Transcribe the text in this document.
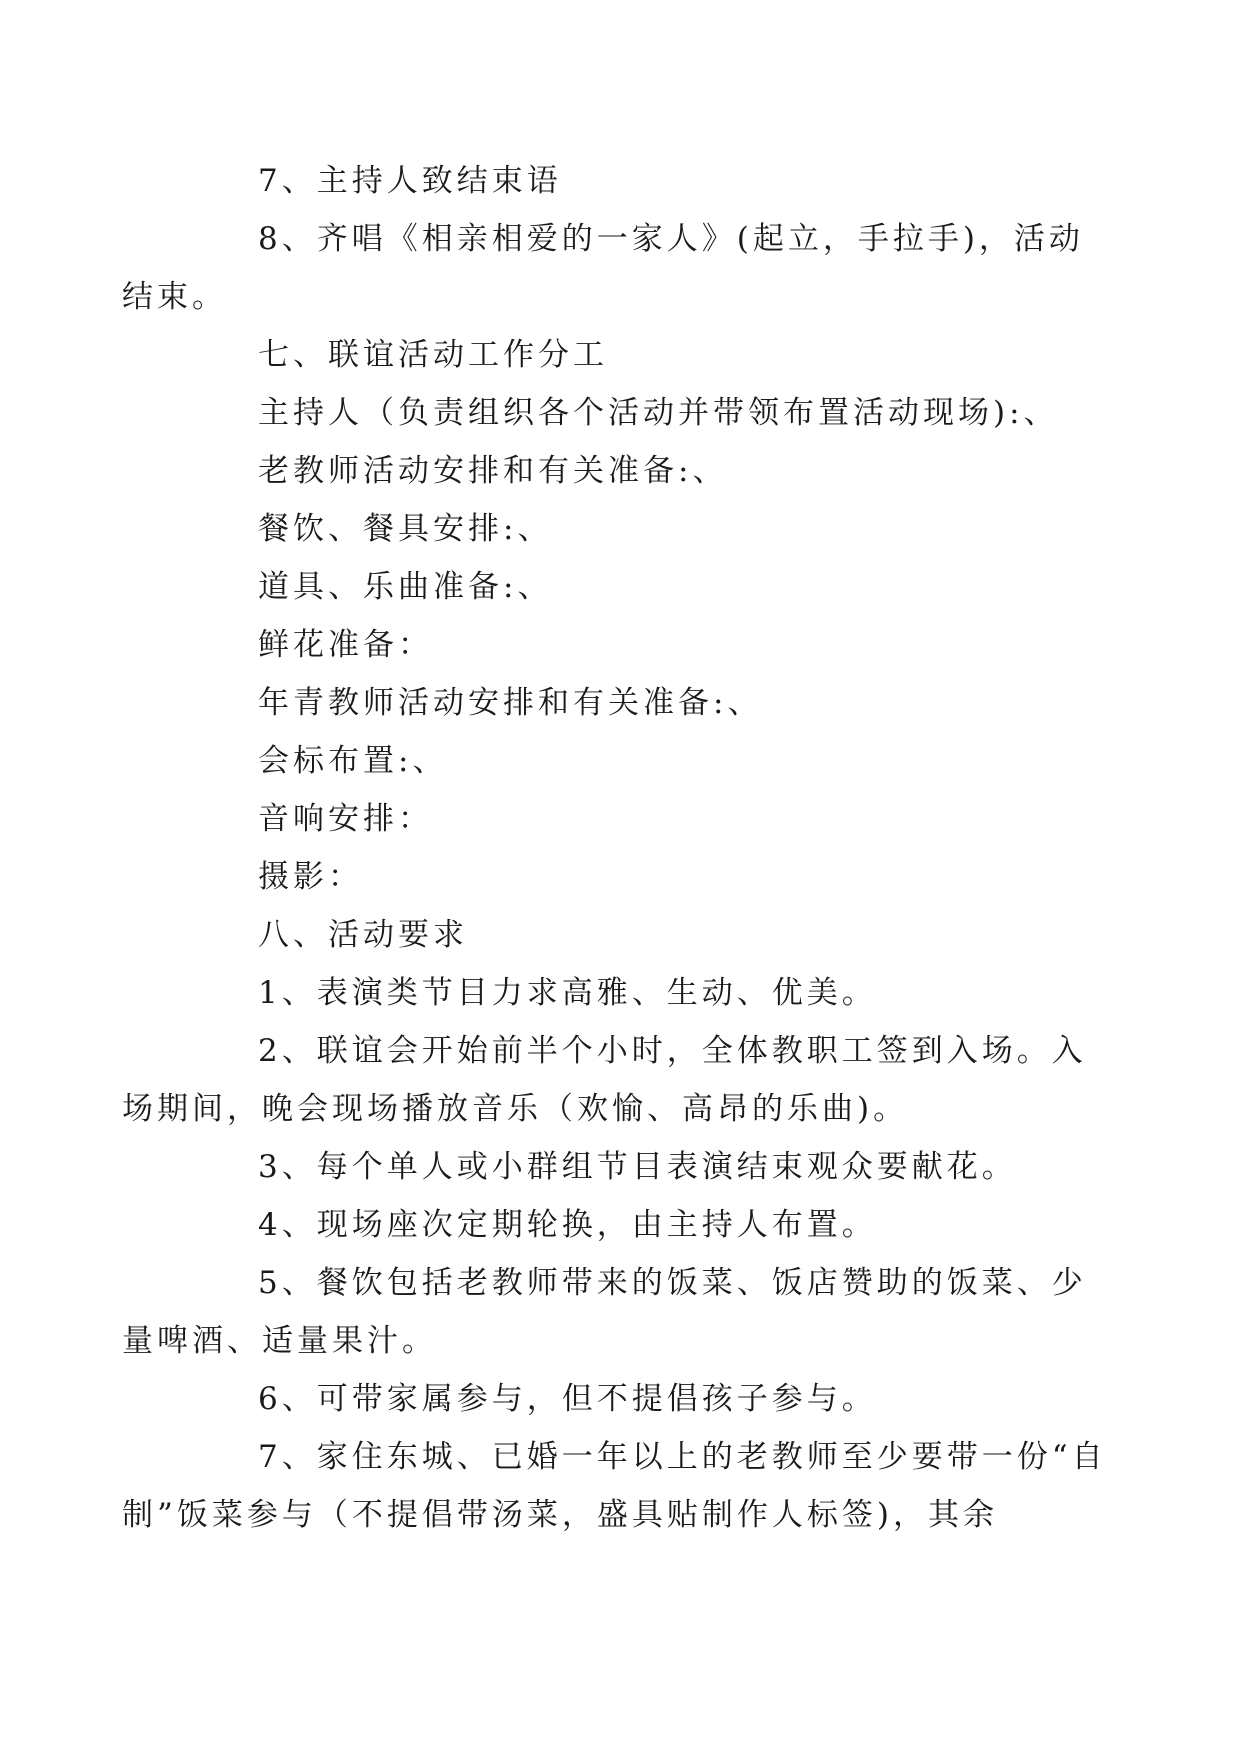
7、主持人致结束语

8、齐唱《相亲相爱的一家人》(起立，手拉手)，活动
结束。

七、联谊活动工作分工

主持人（负责组织各个活动并带领布置活动现场):、

老教师活动安排和有关准备:、

餐饮、餐具安排:、

道具、乐曲准备:、

鲜花准备：

年青教师活动安排和有关准备:、

会标布置:、

音响安排：

摄影：

八、活动要求

1、表演类节目力求高雅、生动、优美。

2、联谊会开始前半个小时，全体教职工签到入场。入
场期间，晚会现场播放音乐（欢愉、高昂的乐曲)。

3、每个单人或小群组节目表演结束观众要献花。

4、现场座次定期轮换，由主持人布置。

5、餐饮包括老教师带来的饭菜、饭店赞助的饭菜、少
量啤酒、适量果汁。

6、可带家属参与，但不提倡孩子参与。

7、家住东城、已婚一年以上的老教师至少要带一份“自
制”饭菜参与（不提倡带汤菜，盛具贴制作人标签)，其余
